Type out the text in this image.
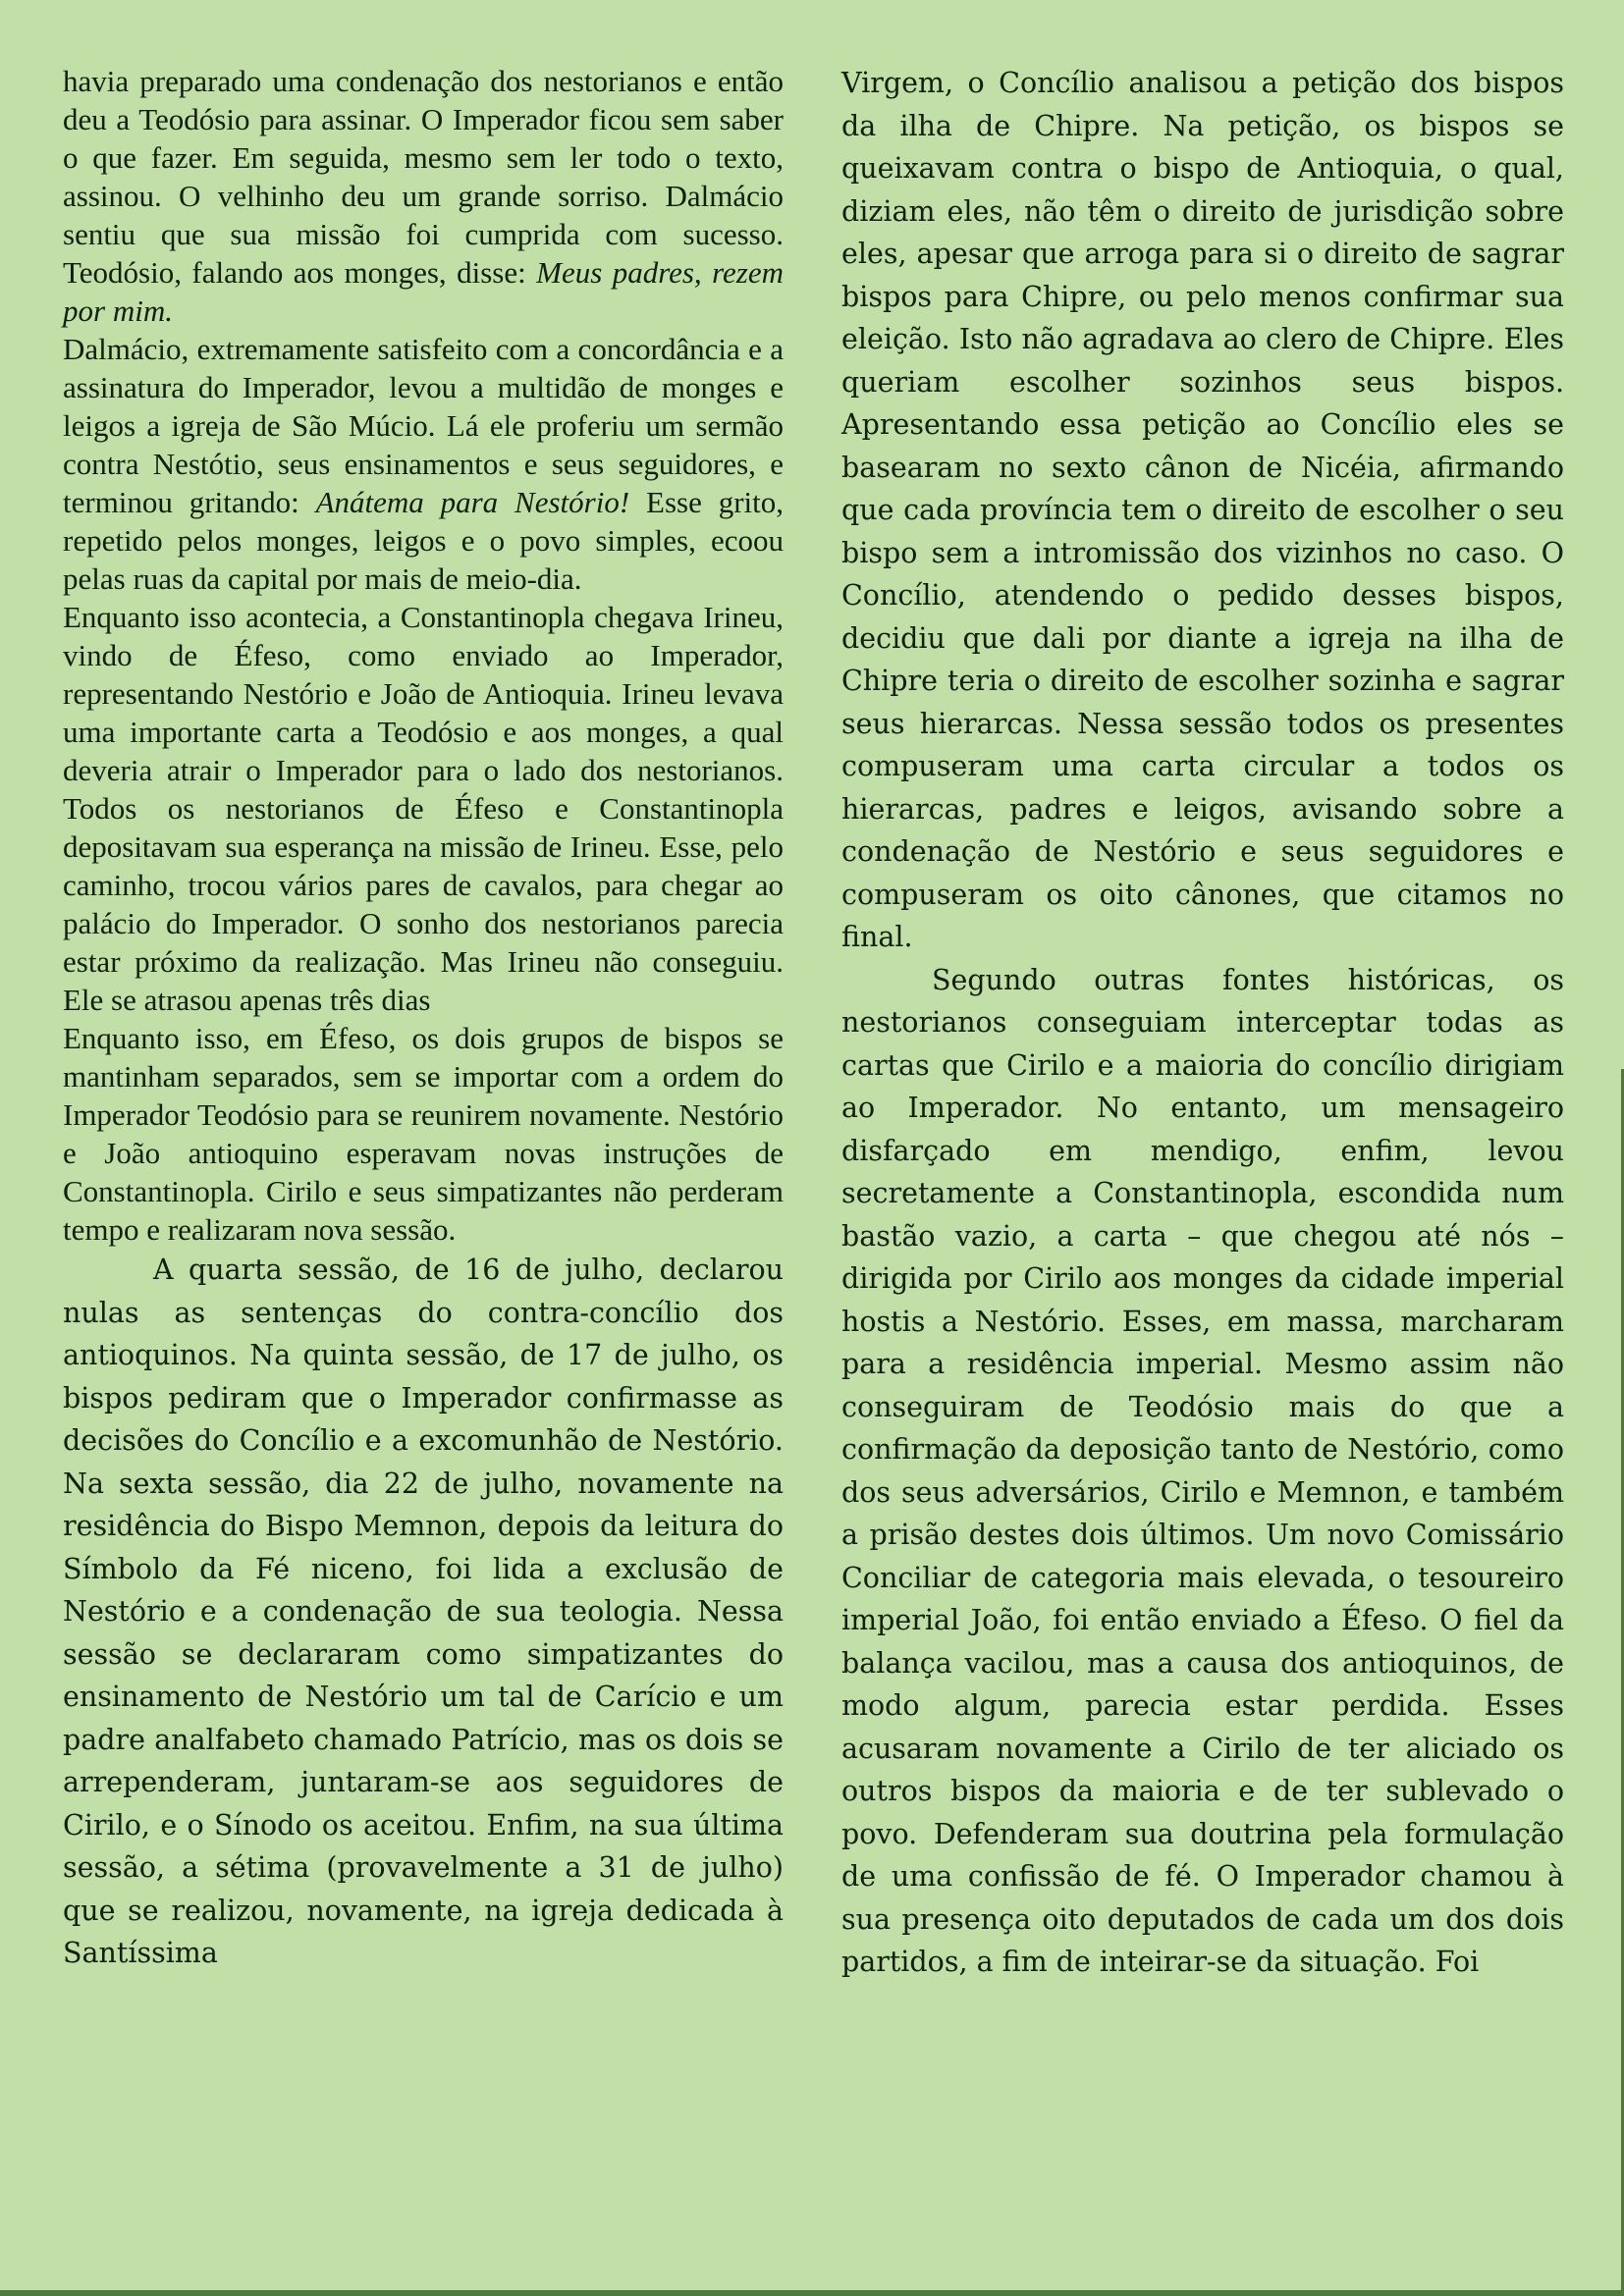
havia preparado uma condenação dos nestorianos e então deu a Teodósio para assinar. O Imperador ficou sem saber o que fazer. Em seguida, mesmo sem ler todo o texto, assinou. O velhinho deu um grande sorriso. Dalmácio sentiu que sua missão foi cumprida com sucesso. Teodósio, falando aos monges, disse: Meus padres, rezem por mim.

Dalmácio, extremamente satisfeito com a concordância e a assinatura do Imperador, levou a multidão de monges e leigos a igreja de São Múcio. Lá ele proferiu um sermão contra Nestótio, seus ensinamentos e seus seguidores, e terminou gritando: Anátema para Nestório! Esse grito, repetido pelos monges, leigos e o povo simples, ecoou pelas ruas da capital por mais de meio-dia.

Enquanto isso acontecia, a Constantinopla chegava Irineu, vindo de Éfeso, como enviado ao Imperador, representando Nestório e João de Antioquia. Irineu levava uma importante carta a Teodósio e aos monges, a qual deveria atrair o Imperador para o lado dos nestorianos. Todos os nestorianos de Éfeso e Constantinopla depositavam sua esperança na missão de Irineu. Esse, pelo caminho, trocou vários pares de cavalos, para chegar ao palácio do Imperador. O sonho dos nestorianos parecia estar próximo da realização. Mas Irineu não conseguiu. Ele se atrasou apenas três dias

Enquanto isso, em Éfeso, os dois grupos de bispos se mantinham separados, sem se importar com a ordem do Imperador Teodósio para se reunirem novamente. Nestório e João antioquino esperavam novas instruções de Constantinopla. Cirilo e seus simpatizantes não perderam tempo e realizaram nova sessão.

A quarta sessão, de 16 de julho, declarou nulas as sentenças do contra-concílio dos antioquinos. Na quinta sessão, de 17 de julho, os bispos pediram que o Imperador confirmasse as decisões do Concílio e a excomunhão de Nestório. Na sexta sessão, dia 22 de julho, novamente na residência do Bispo Memnon, depois da leitura do Símbolo da Fé niceno, foi lida a exclusão de Nestório e a condenação de sua teologia. Nessa sessão se declararam como simpatizantes do ensinamento de Nestório um tal de Carício e um padre analfabeto chamado Patrício, mas os dois se arrependeram, juntaram-se aos seguidores de Cirilo, e o Sínodo os aceitou. Enfim, na sua última sessão, a sétima (provavelmente a 31 de julho) que se realizou, novamente, na igreja dedicada à Santíssima

Virgem, o Concílio analisou a petição dos bispos da ilha de Chipre. Na petição, os bispos se queixavam contra o bispo de Antioquia, o qual, diziam eles, não têm o direito de jurisdição sobre eles, apesar que arroga para si o direito de sagrar bispos para Chipre, ou pelo menos confirmar sua eleição. Isto não agradava ao clero de Chipre. Eles queriam escolher sozinhos seus bispos. Apresentando essa petição ao Concílio eles se basearam no sexto cânon de Nicéia, afirmando que cada província tem o direito de escolher o seu bispo sem a intromissão dos vizinhos no caso. O Concílio, atendendo o pedido desses bispos, decidiu que dali por diante a igreja na ilha de Chipre teria o direito de escolher sozinha e sagrar seus hierarcas. Nessa sessão todos os presentes compuseram uma carta circular a todos os hierarcas, padres e leigos, avisando sobre a condenação de Nestório e seus seguidores e compuseram os oito cânones, que citamos no final.

Segundo outras fontes históricas, os nestorianos conseguiam interceptar todas as cartas que Cirilo e a maioria do concílio dirigiam ao Imperador. No entanto, um mensageiro disfarçado em mendigo, enfim, levou secretamente a Constantinopla, escondida num bastão vazio, a carta – que chegou até nós – dirigida por Cirilo aos monges da cidade imperial hostis a Nestório. Esses, em massa, marcharam para a residência imperial. Mesmo assim não conseguiram de Teodósio mais do que a confirmação da deposição tanto de Nestório, como dos seus adversários, Cirilo e Memnon, e também a prisão destes dois últimos. Um novo Comissário Conciliar de categoria mais elevada, o tesoureiro imperial João, foi então enviado a Éfeso. O fiel da balança vacilou, mas a causa dos antioquinos, de modo algum, parecia estar perdida. Esses acusaram novamente a Cirilo de ter aliciado os outros bispos da maioria e de ter sublevado o povo. Defenderam sua doutrina pela formulação de uma confissão de fé. O Imperador chamou à sua presença oito deputados de cada um dos dois partidos, a fim de inteirar-se da situação. Foi
